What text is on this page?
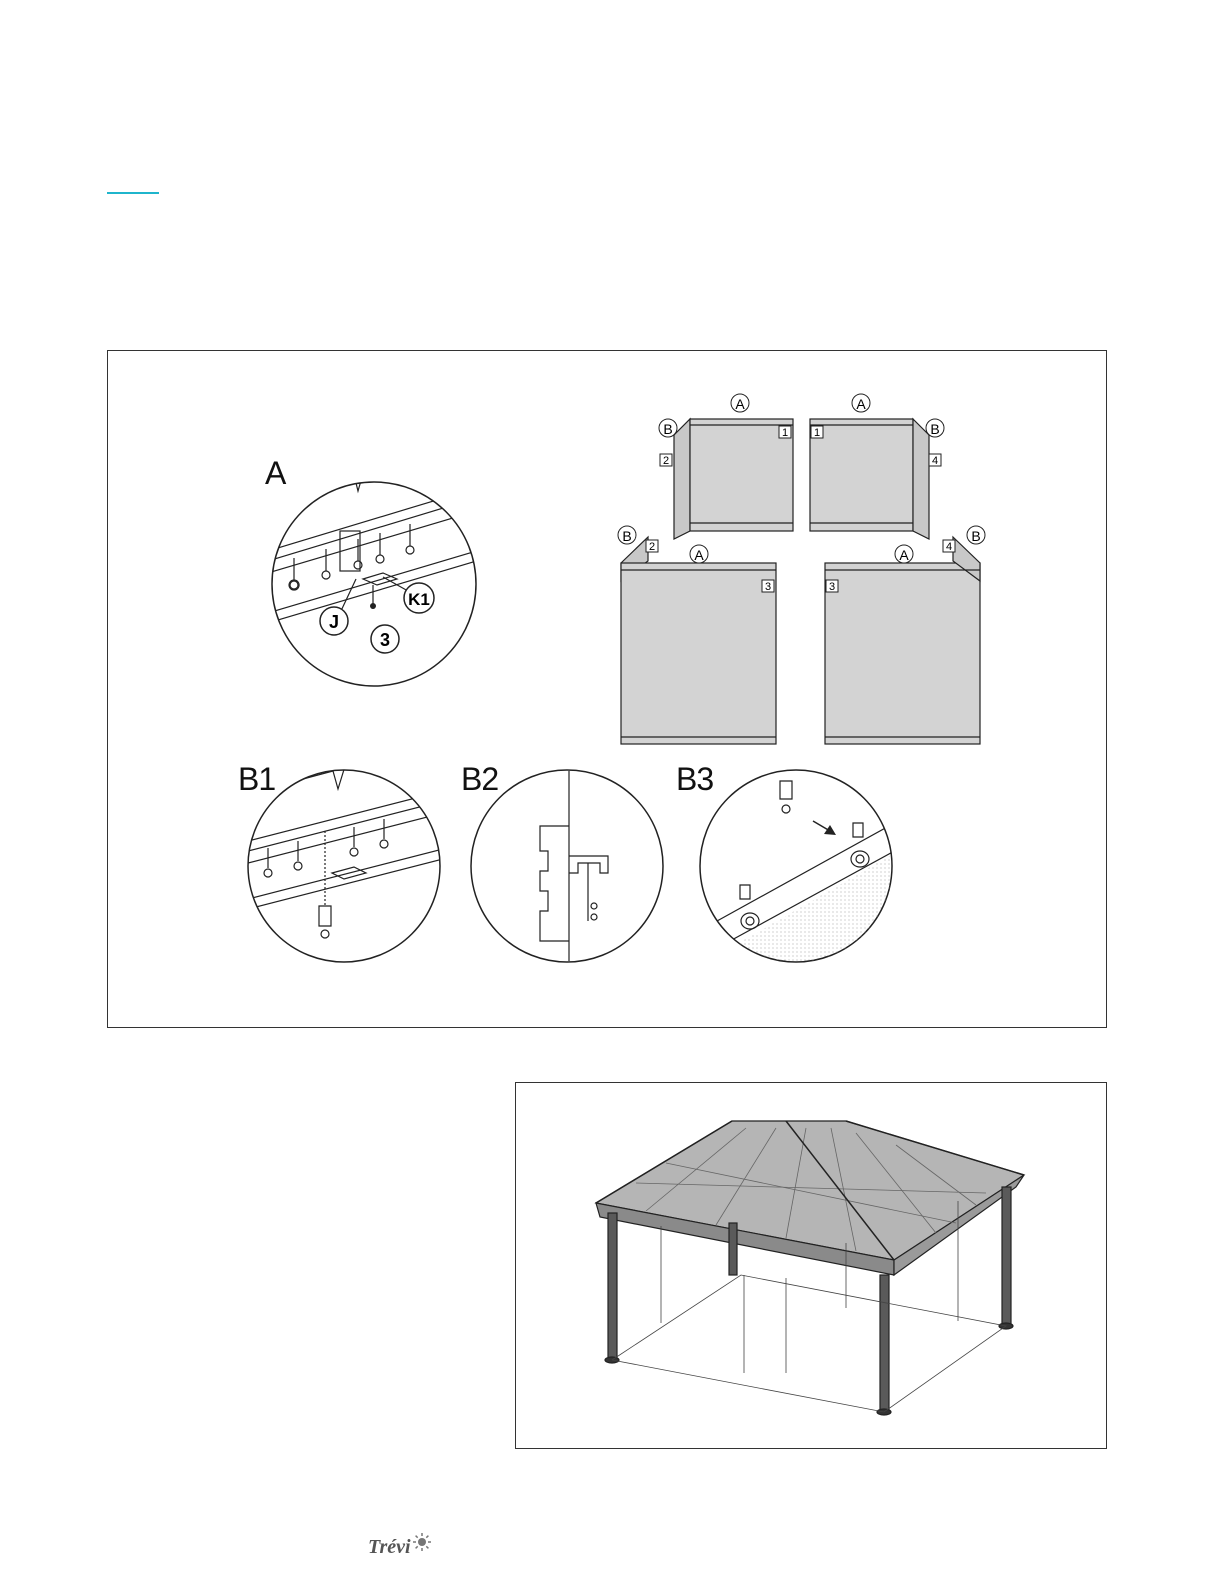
A
B1	B2	B3
J
3
K1
A	A
A	A
B	B
B	B
1 1
2
2
3	3
4
4
Trévi
